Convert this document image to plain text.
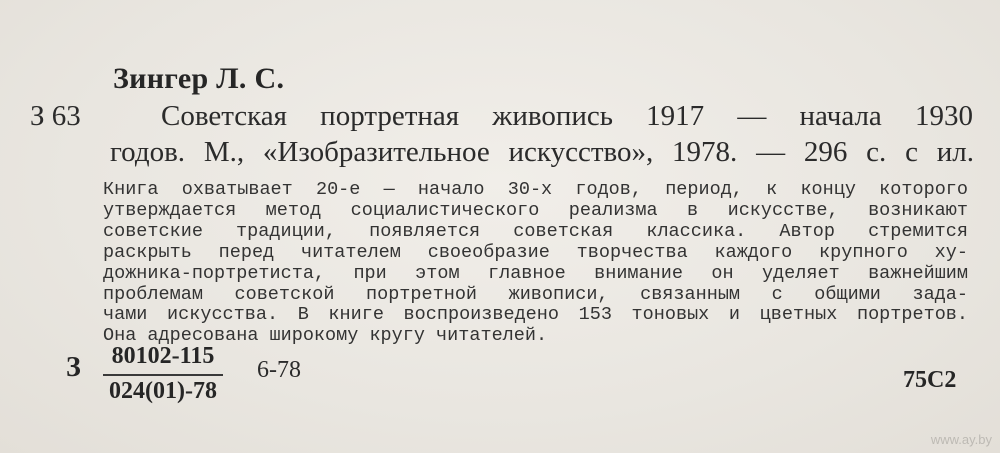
Зингер Л. С.
З 63	Советская портретная живопись 1917 — начала 1930
годов. М., «Изобразительное искусство», 1978. — 296 с. с ил.
Книга охватывает 20-е — начало 30-х годов, период, к концу которого
утверждается метод социалистического реализма в искусстве, возникают
советские традиции, появляется советская классика. Автор стремится
раскрыть перед читателем своеобразие творчества каждого крупного ху-
дожника-портретиста, при этом главное внимание он уделяет важнейшим
проблемам советской портретной живописи, связанным с общими зада-
чами искусства. В книге воспроизведено 153 тоновых и цветных портретов.
Она адресована широкому кругу читателей.
З $\frac{80102-115}{024(01)-78} 6-78$	75С2
www.ay.by
